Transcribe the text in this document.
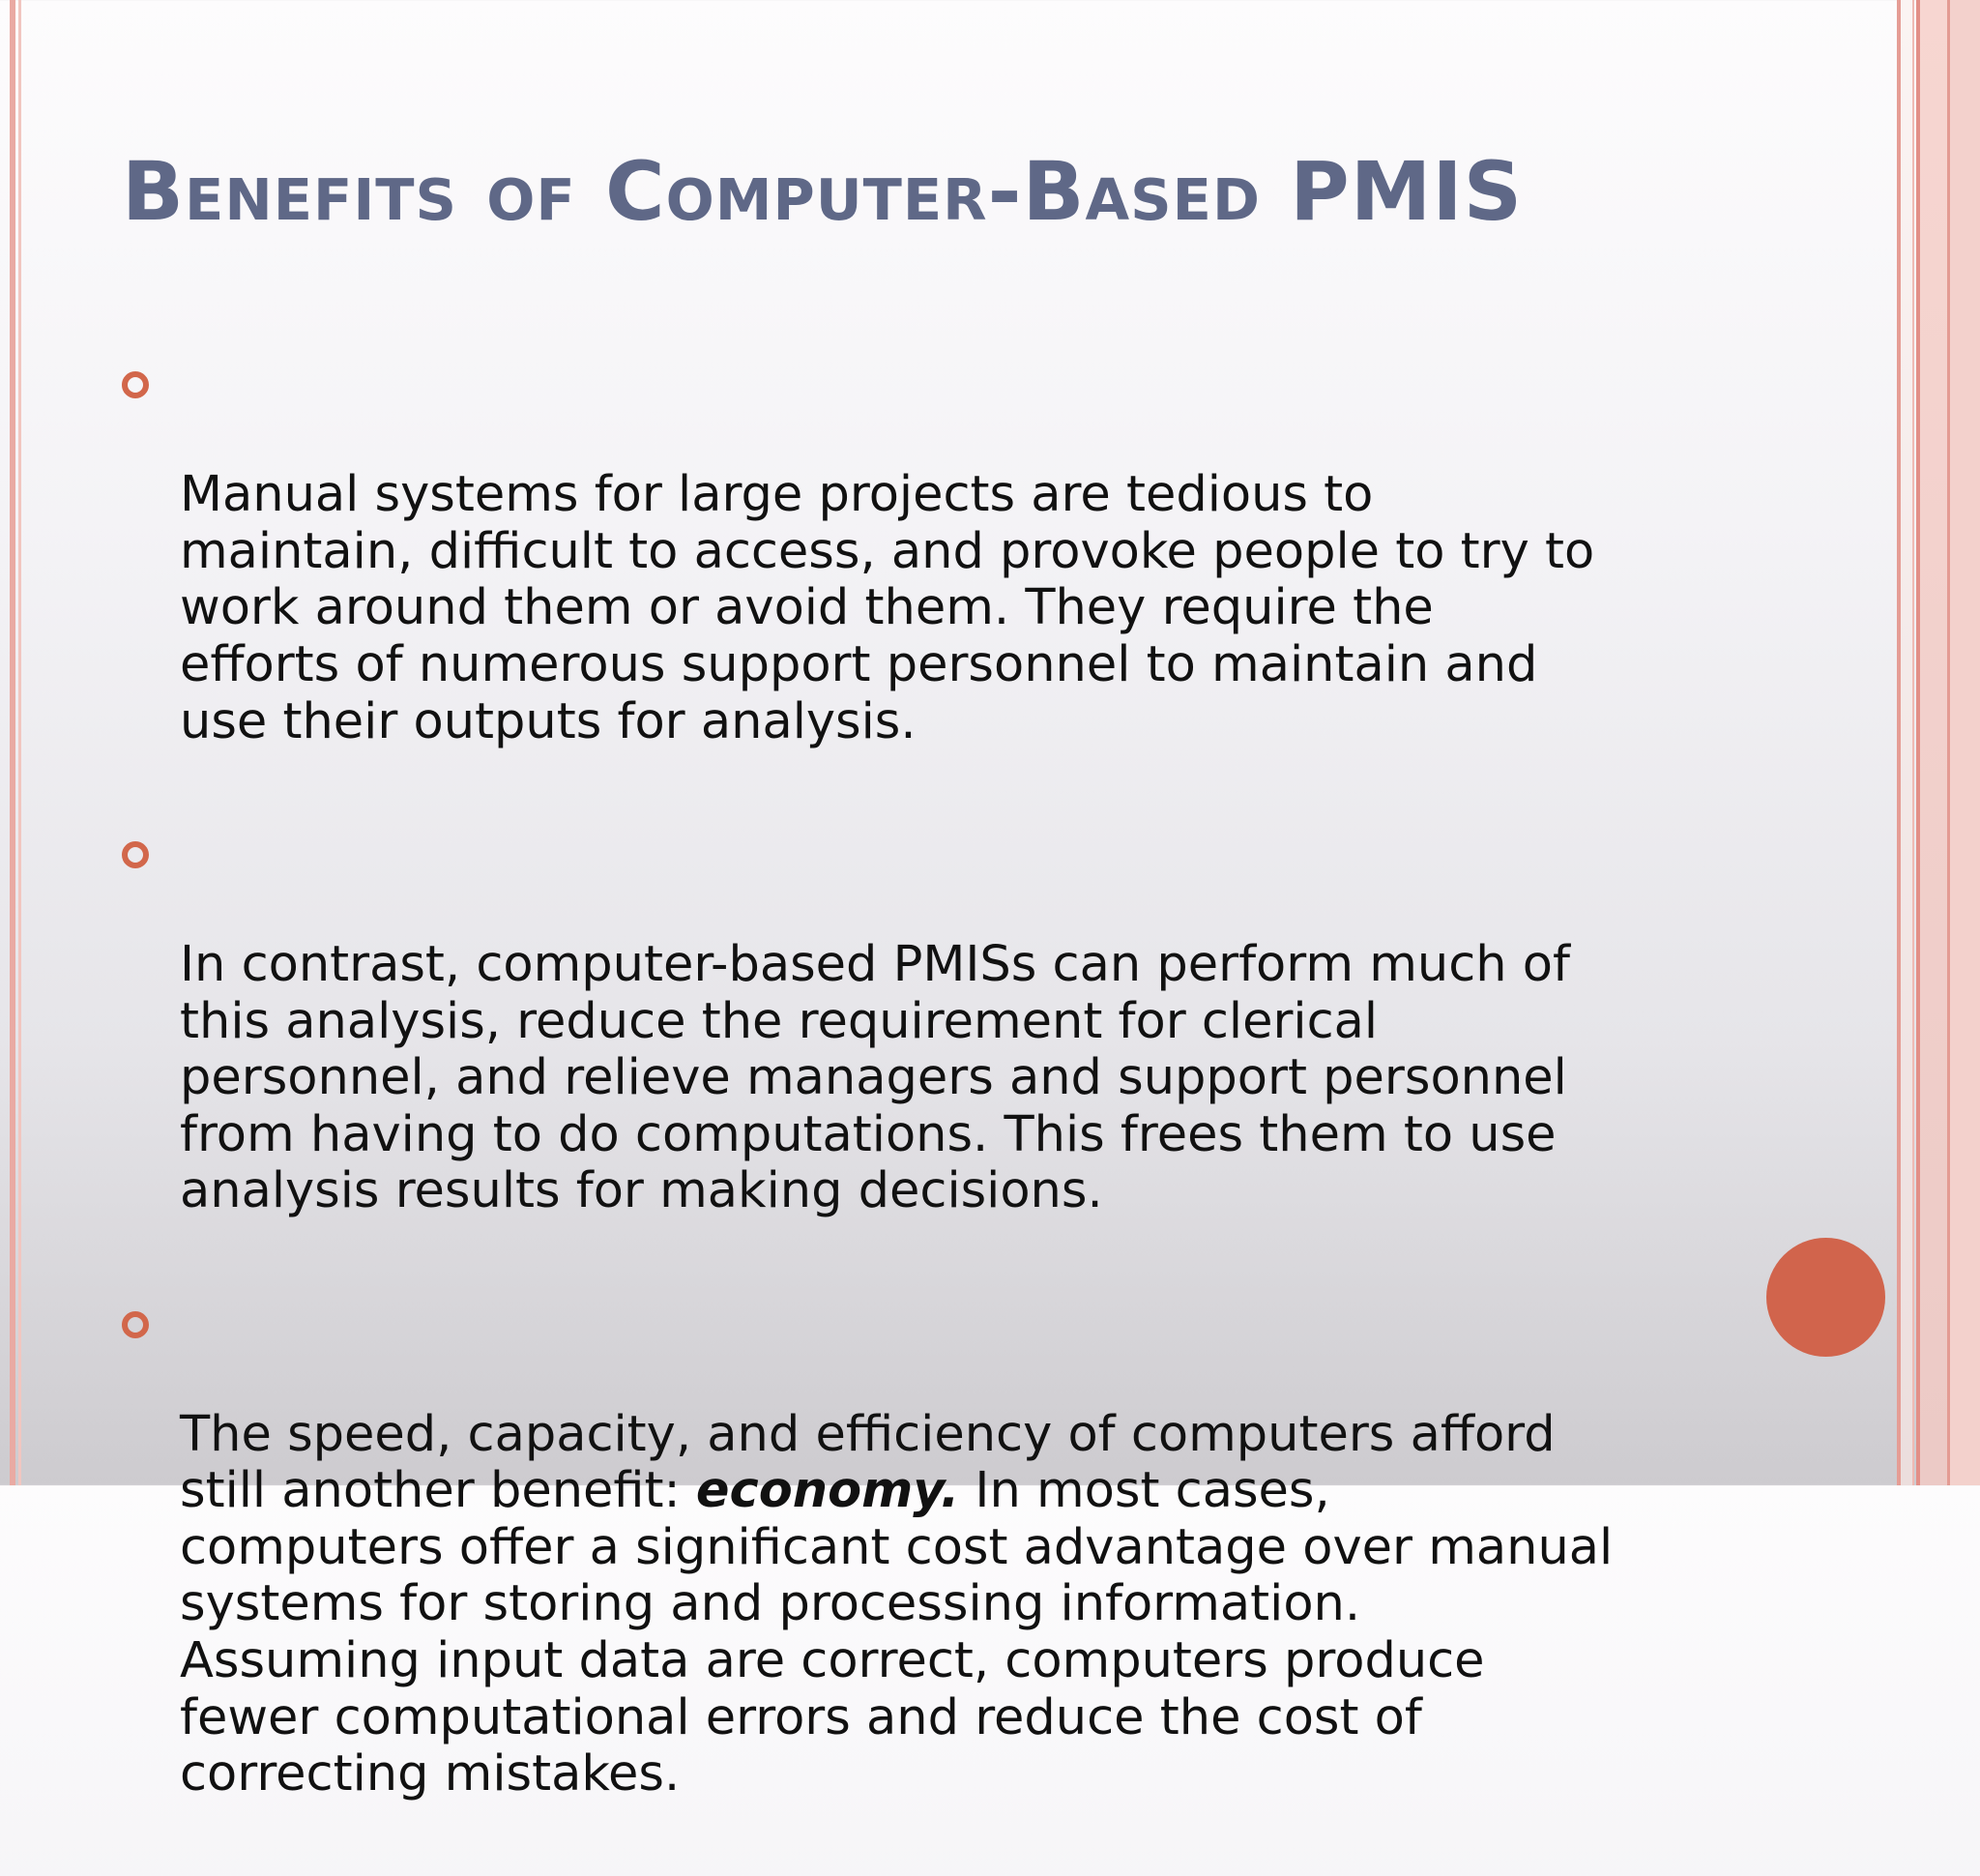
Benefits of Computer-Based PMIS

Manual systems for large projects are tedious to
maintain, difficult to access, and provoke people to try to
work around them or avoid them. They require the
efforts of numerous support personnel to maintain and
use their outputs for analysis.

In contrast, computer-based PMISs can perform much of
this analysis, reduce the requirement for clerical
personnel, and relieve managers and support personnel
from having to do computations. This frees them to use
analysis results for making decisions.

The speed, capacity, and efficiency of computers afford
still another benefit: economy. In most cases,
computers offer a significant cost advantage over manual
systems for storing and processing information.
Assuming input data are correct, computers produce
fewer computational errors and reduce the cost of
correcting mistakes.
